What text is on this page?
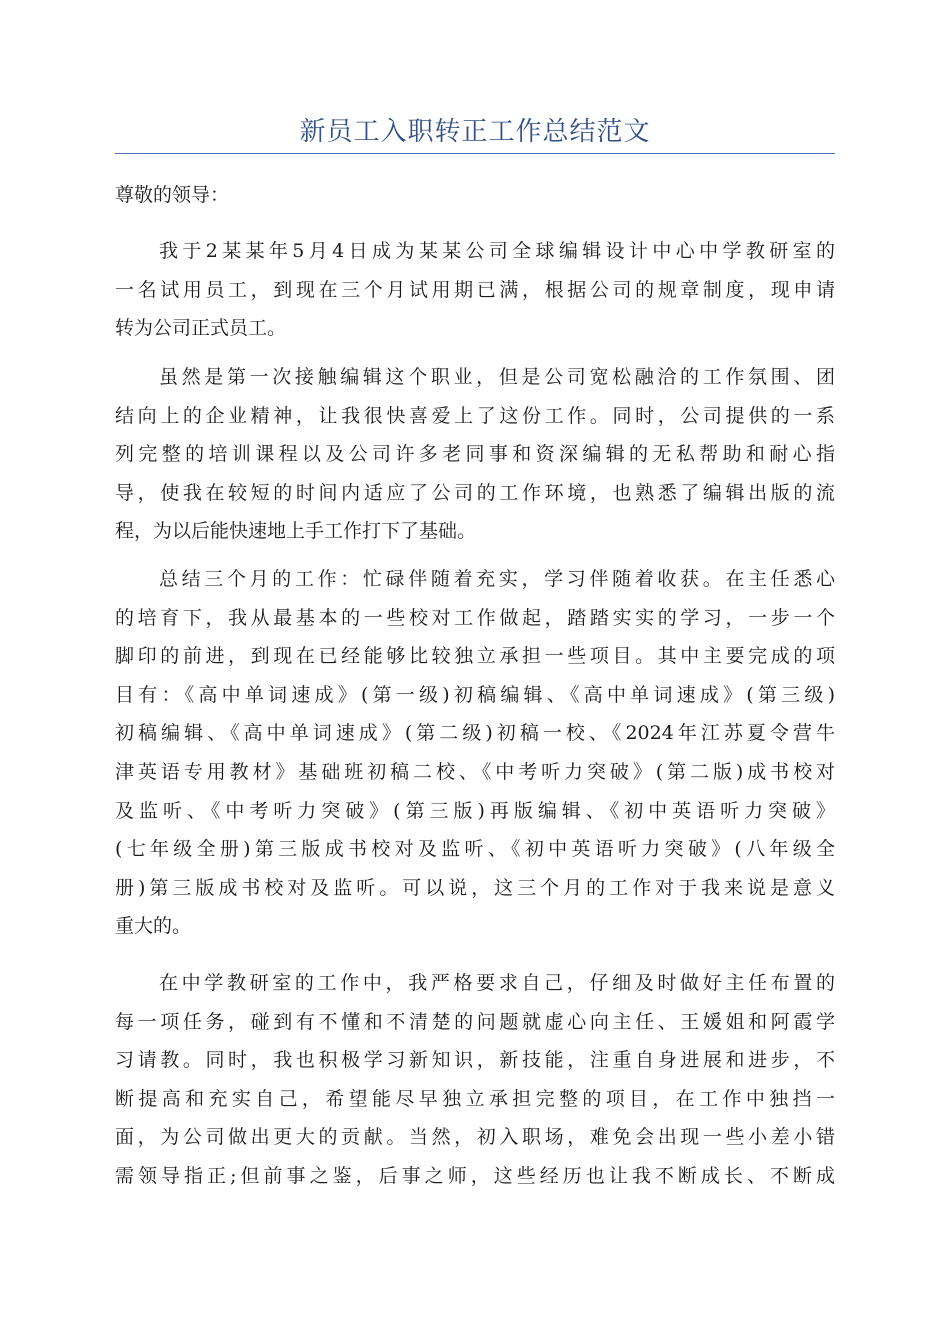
新员工入职转正工作总结范文

尊敬的领导：

我于2某某年5月4日成为某某公司全球编辑设计中心中学教研室的
一名试用员工，到现在三个月试用期已满，根据公司的规章制度，现申请
转为公司正式员工。
虽然是第一次接触编辑这个职业，但是公司宽松融洽的工作氛围、团
结向上的企业精神，让我很快喜爱上了这份工作。同时，公司提供的一系
列完整的培训课程以及公司许多老同事和资深编辑的无私帮助和耐心指
导，使我在较短的时间内适应了公司的工作环境，也熟悉了编辑出版的流
程，为以后能快速地上手工作打下了基础。
总结三个月的工作：忙碌伴随着充实，学习伴随着收获。在主任悉心
的培育下，我从最基本的一些校对工作做起，踏踏实实的学习，一步一个
脚印的前进，到现在已经能够比较独立承担一些项目。其中主要完成的项
目有：《高中单词速成》(第一级)初稿编辑、《高中单词速成》(第三级)
初稿编辑、《高中单词速成》(第二级)初稿一校、《2024年江苏夏令营牛
津英语专用教材》基础班初稿二校、《中考听力突破》(第二版)成书校对
及监听、《中考听力突破》(第三版)再版编辑、《初中英语听力突破》
(七年级全册)第三版成书校对及监听、《初中英语听力突破》(八年级全
册)第三版成书校对及监听。可以说，这三个月的工作对于我来说是意义
重大的。
在中学教研室的工作中，我严格要求自己，仔细及时做好主任布置的
每一项任务，碰到有不懂和不清楚的问题就虚心向主任、王媛姐和阿霞学
习请教。同时，我也积极学习新知识，新技能，注重自身进展和进步，不
断提高和充实自己，希望能尽早独立承担完整的项目，在工作中独挡一
面，为公司做出更大的贡献。当然，初入职场，难免会出现一些小差小错
需领导指正;但前事之鉴，后事之师，这些经历也让我不断成长、不断成
